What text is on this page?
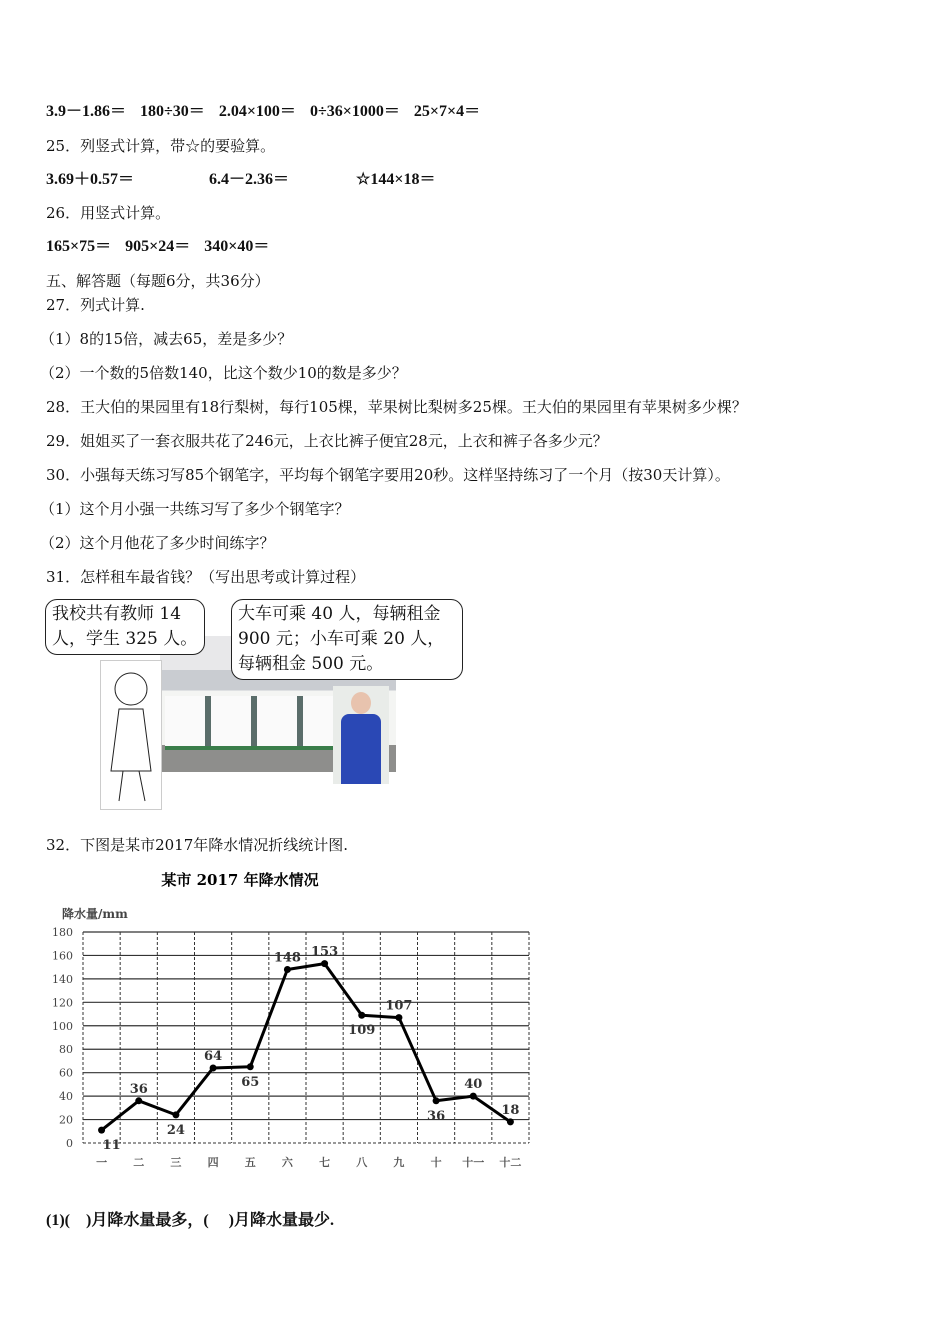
3.9－1.86＝ 180÷30＝ 2.04×100＝ 0÷36×1000＝ 25×7×4＝
25．列竖式计算，带☆的要验算。
3.69＋0.57＝	6.4－2.36＝	☆144×18＝
26．用竖式计算。
165×75＝ 905×24＝ 340×40＝
五、解答题（每题6分，共36分）
27．列式计算.
（1）8的15倍，减去65，差是多少？
（2）一个数的5倍数140，比这个数少10的数是多少？
28．王大伯的果园里有18行梨树，每行105棵，苹果树比梨树多25棵。王大伯的果园里有苹果树多少棵？
29．姐姐买了一套衣服共花了246元，上衣比裤子便宜28元，上衣和裤子各多少元？
30．小强每天练习写85个钢笔字，平均每个钢笔字要用20秒。这样坚持练习了一个月（按30天计算）。
（1）这个月小强一共练习写了多少个钢笔字？
（2）这个月他花了多少时间练字？
31．怎样租车最省钱？（写出思考或计算过程）
我校共有教师 14 人，学生 325 人。
大车可乘 40 人，每辆租金 900 元；小车可乘 20 人，每辆租金 500 元。
32．下图是某市2017年降水情况折线统计图.
某市 2017 年降水情况
降水量/mm
0
20
40
60
80
100
120
140
160
180
一 二 三 四 五 六 七 八 九 十 十一 十二
11
36
24
64
65
148 153
109
107
36
40
18
(1)(　)月降水量最多，(　 )月降水量最少.
